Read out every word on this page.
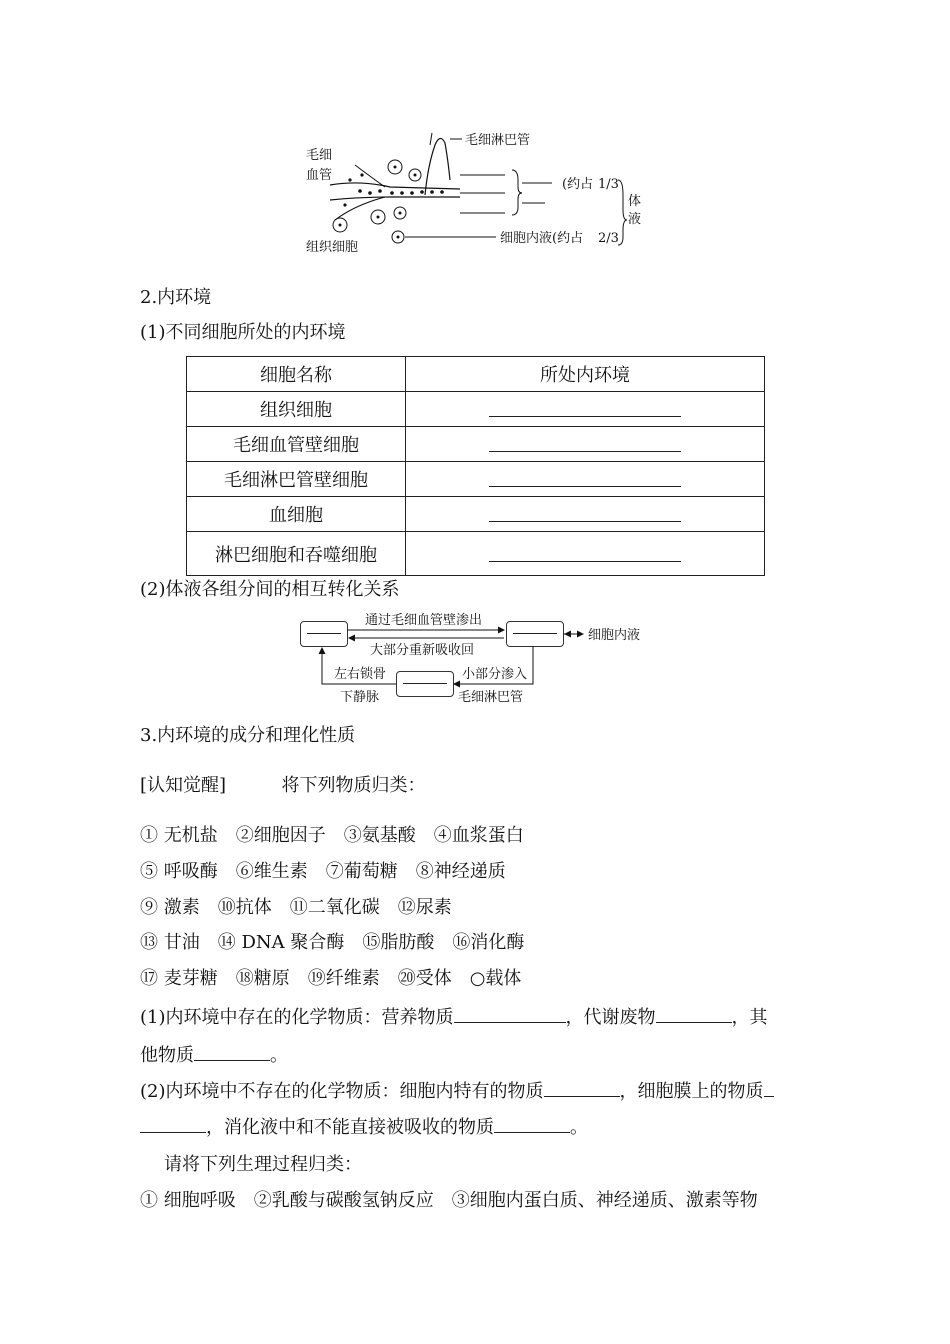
毛细
血管
毛细淋巴管
组织细胞
(约占 1/3
细胞内液(约占 2/3
体
液
2.内环境
(1)不同细胞所处的内环境
细胞名称	所处内环境
组织细胞	
毛细血管壁细胞	
毛细淋巴管壁细胞	
血细胞	
淋巴细胞和吞噬细胞	
(2)体液各组分间的相互转化关系
通过毛细血管壁渗出
大部分重新吸收回
细胞内液
左右锁骨
下静脉
小部分渗入
毛细淋巴管
3.内环境的成分和理化性质
[认知觉醒]	将下列物质归类：
① 无机盐　②细胞因子　③氨基酸　④血浆蛋白
⑤ 呼吸酶　⑥维生素　⑦葡萄糖　⑧神经递质
⑨ 激素　⑩抗体　⑪二氧化碳　⑫尿素
⑬ 甘油　⑭ DNA 聚合酶　⑮脂肪酸　⑯消化酶
⑰ 麦芽糖　⑱糖原　⑲纤维素　⑳受体　○载体
(1)内环境中存在的化学物质：营养物质	，代谢废物	，其
他物质	。
(2)内环境中不存在的化学物质：细胞内特有的物质	，细胞膜上的物质
，消化液中和不能直接被吸收的物质	。
请将下列生理过程归类：
① 细胞呼吸　②乳酸与碳酸氢钠反应　③细胞内蛋白质、神经递质、激素等物
